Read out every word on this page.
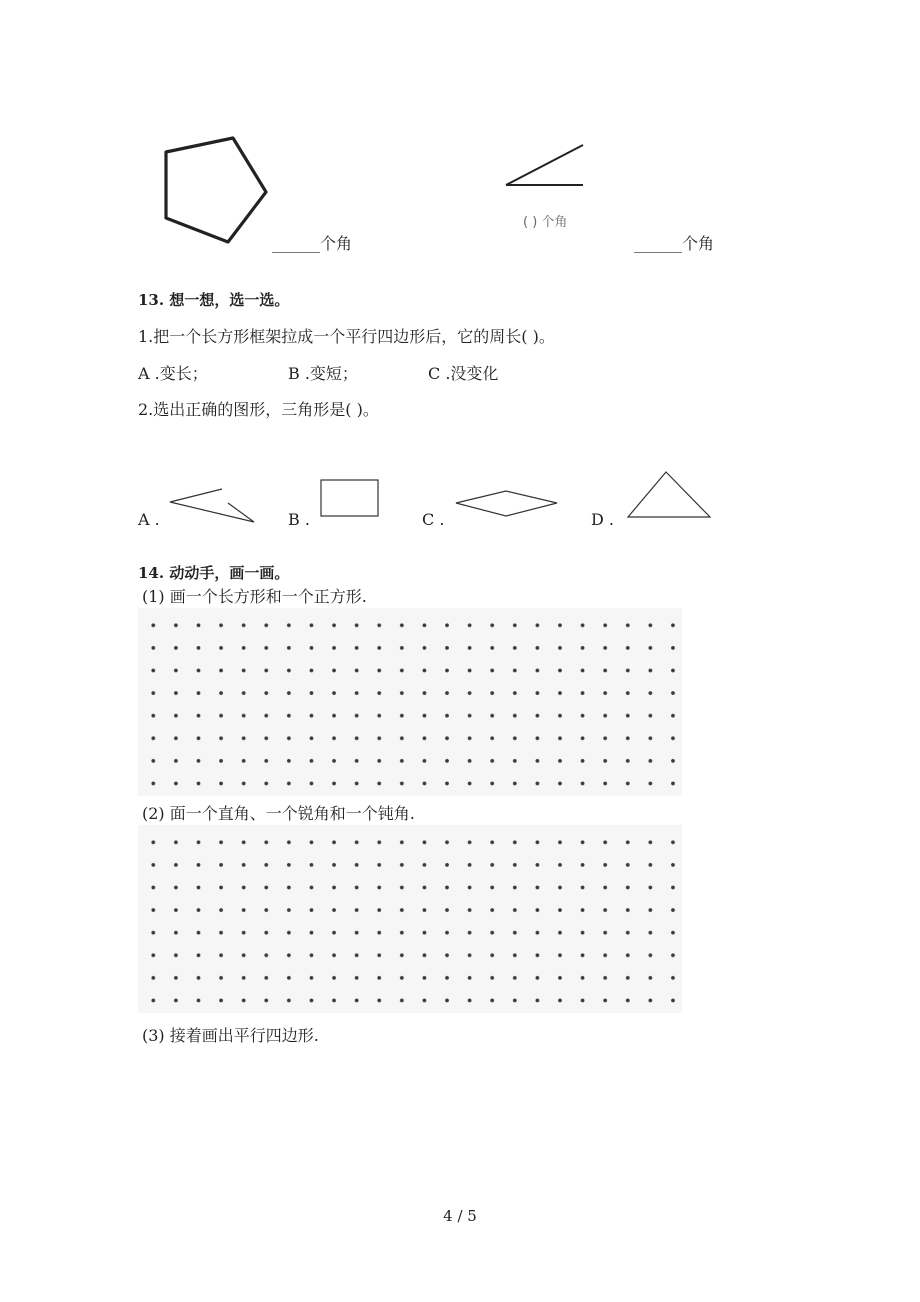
______个角
( ) 个角
______个角
13. 想一想，选一选。
1.把一个长方形框架拉成一个平行四边形后，它的周长( )。
A .变长；	B .变短；	C .没变化
2.选出正确的图形，三角形是( )。
A .	B .	C .	D .
14. 动动手，画一画。
(1) 画一个长方形和一个正方形.
(2) 面一个直角、一个锐角和一个钝角.
(3) 接着画出平行四边形.
4 / 5
